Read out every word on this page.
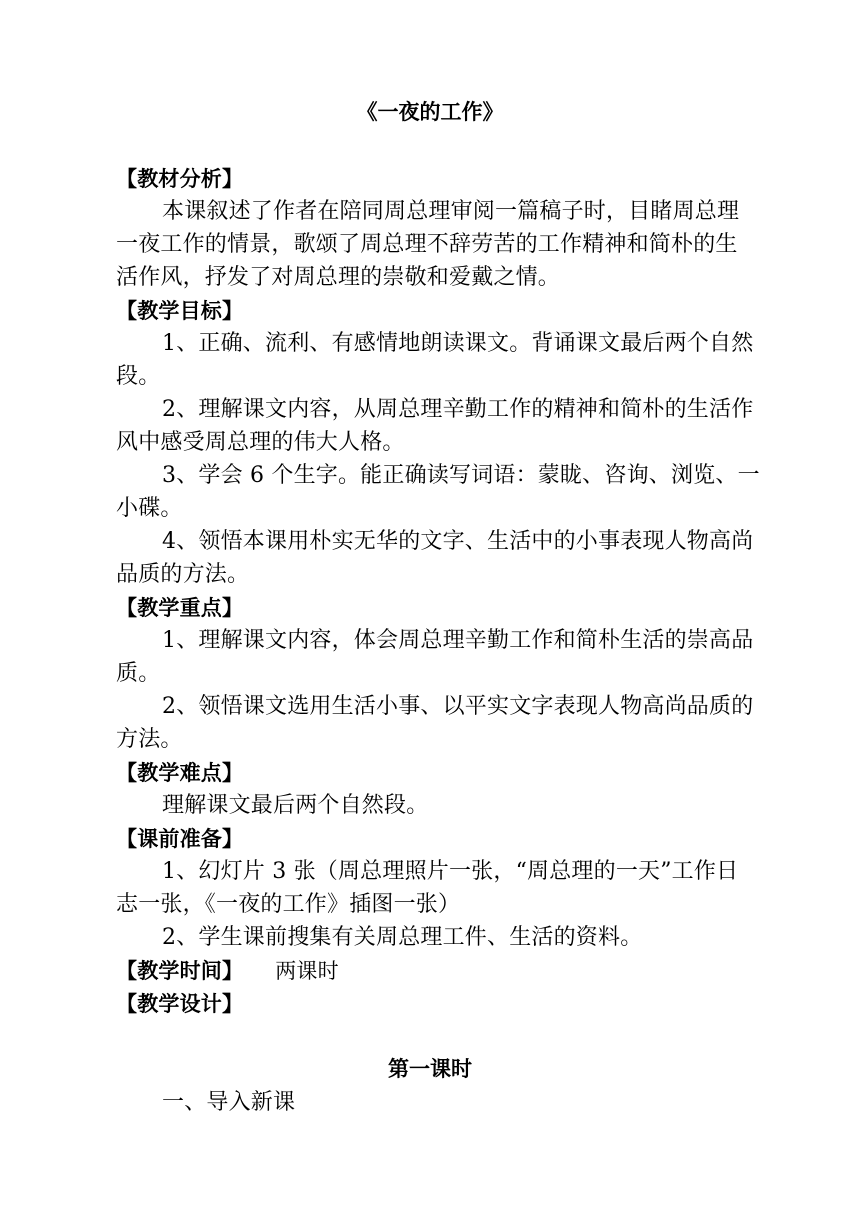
《一夜的工作》
【教材分析】
本课叙述了作者在陪同周总理审阅一篇稿子时，目睹周总理
一夜工作的情景，歌颂了周总理不辞劳苦的工作精神和简朴的生
活作风，抒发了对周总理的崇敬和爱戴之情。
【教学目标】
1、正确、流利、有感情地朗读课文。背诵课文最后两个自然
段。
2、理解课文内容，从周总理辛勤工作的精神和简朴的生活作
风中感受周总理的伟大人格。
3、学会 6 个生字。能正确读写词语：蒙眬、咨询、浏览、一
小碟。
4、领悟本课用朴实无华的文字、生活中的小事表现人物高尚
品质的方法。
【教学重点】
1、理解课文内容，体会周总理辛勤工作和简朴生活的崇高品
质。
2、领悟课文选用生活小事、以平实文字表现人物高尚品质的
方法。
【教学难点】
理解课文最后两个自然段。
【课前准备】
1、幻灯片 3 张（周总理照片一张，“周总理的一天”工作日
志一张，《一夜的工作》插图一张）
2、学生课前搜集有关周总理工件、生活的资料。
【教学时间】 两课时
【教学设计】
第一课时
一、导入新课
